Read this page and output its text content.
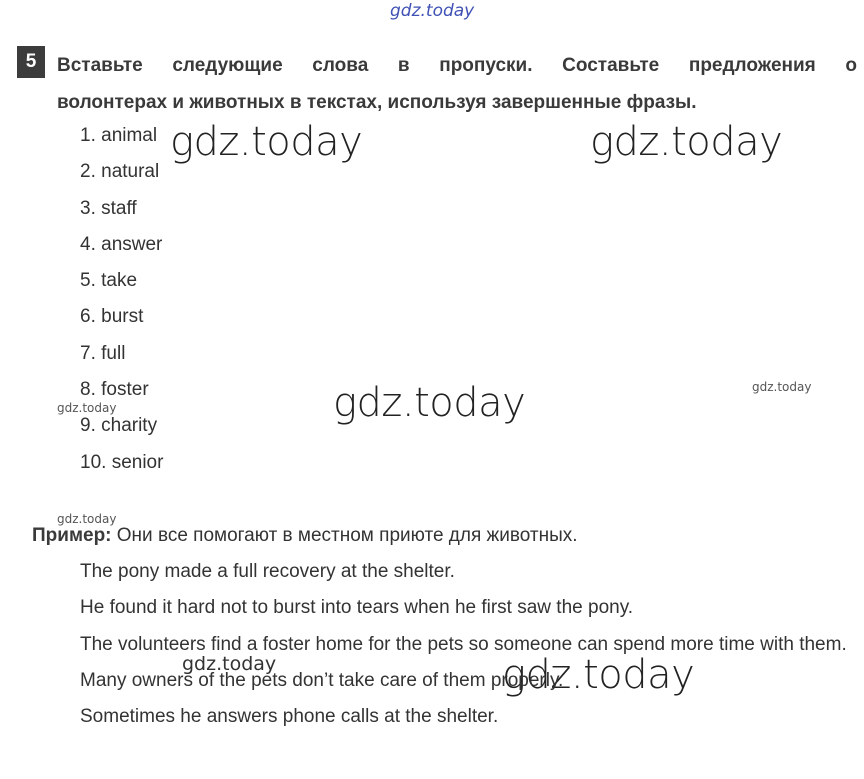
gdz.today
gdz.today	gdz.today
gdz.today	gdz.today
gdz.today
gdz.today
gdz.today	gdz.today
5	Вставьте следующие слова в пропуски. Составьте предложения о
волонтерах и животных в текстах, используя завершенные фразы.
1. animal
2. natural
3. staff
4. answer
5. take
6. burst
7. full
8. foster
9. charity
10. senior
Пример: Они все помогают в местном приюте для животных.

The pony made a full recovery at the shelter.

He found it hard not to burst into tears when he first saw the pony.

The volunteers find a foster home for the pets so someone can spend more time with them.

Many owners of the pets don’t take care of them properly.

Sometimes he answers phone calls at the shelter.
